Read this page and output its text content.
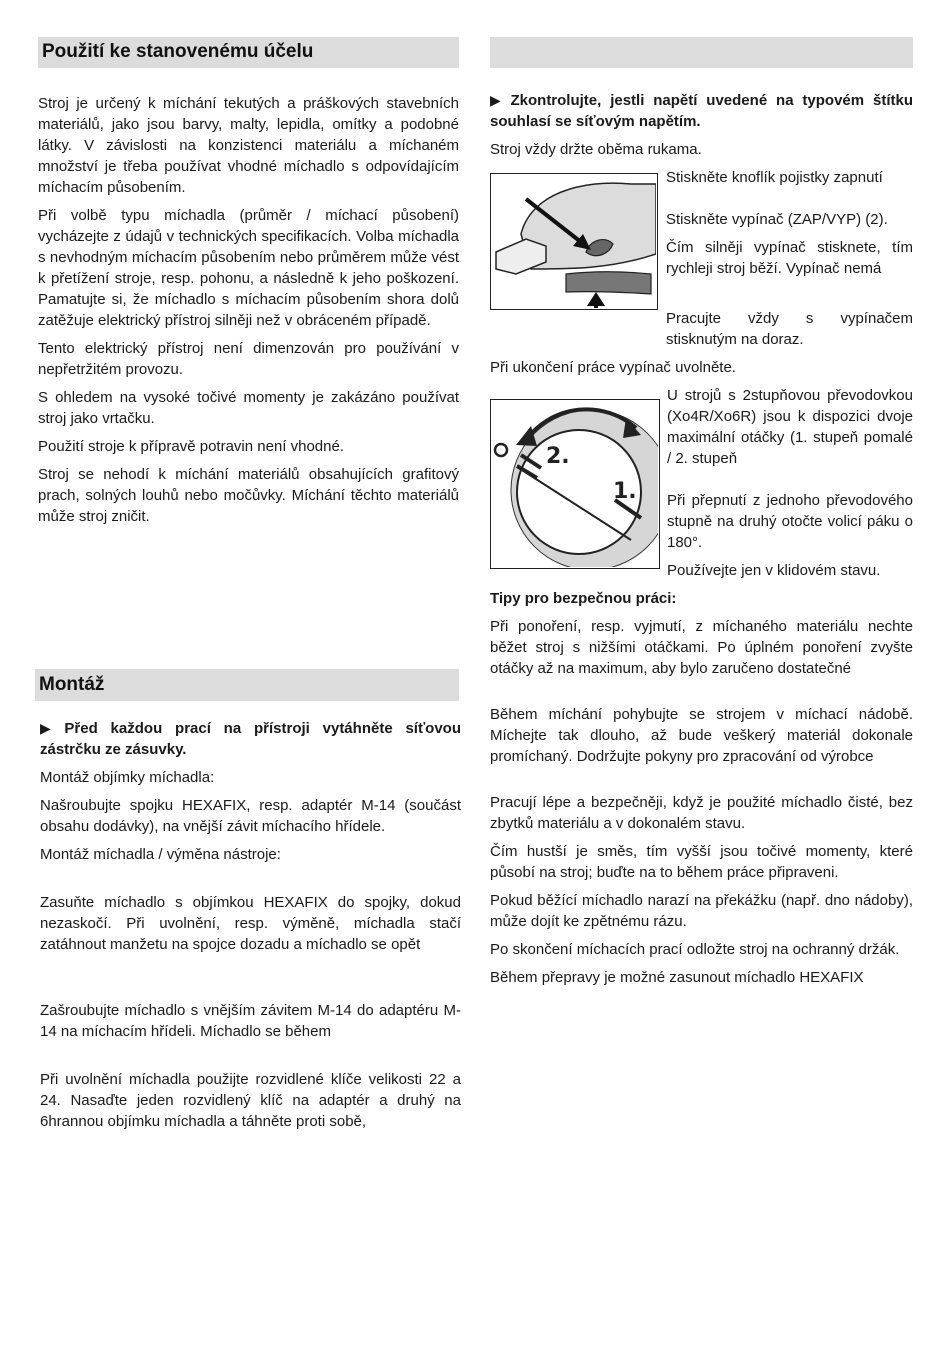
Použití ke stanovenému účelu

Stroj je určený k míchání tekutých a práškových stavebních materiálů, jako jsou barvy, malty, lepidla, omítky a podobné látky. V závislosti na konzistenci materiálu a míchaném množství je třeba používat vhodné míchadlo s odpovídajícím míchacím působením.

Při volbě typu míchadla (průměr / míchací působení) vycházejte z údajů v technických specifikacích. Volba míchadla s nevhodným míchacím působením nebo průměrem může vést k přetížení stroje, resp. pohonu, a následně k jeho poškození. Pamatujte si, že míchadlo s míchacím působením shora dolů zatěžuje elektrický přístroj silněji než v obráceném případě.

Tento elektrický přístroj není dimenzován pro používání v nepřetržitém provozu.

S ohledem na vysoké točivé momenty je zakázáno používat stroj jako vrtačku.

Použití stroje k přípravě potravin není vhodné.

Stroj se nehodí k míchání materiálů obsahujících grafitový prach, solných louhů nebo močůvky. Míchání těchto materiálů může stroj zničit.

Montáž

▶ Před každou prací na přístroji vytáhněte síťovou zástrčku ze zásuvky.

Montáž objímky míchadla:

Našroubujte spojku HEXAFIX, resp. adaptér M-14 (součást obsahu dodávky), na vnější závit míchacího hřídele.

Montáž míchadla / výměna nástroje:

Zasuňte míchadlo s objímkou HEXAFIX do spojky, dokud nezaskočí. Při uvolnění, resp. výměně, míchadla stačí zatáhnout manžetu na spojce dozadu a míchadlo se opět

Zašroubujte míchadlo s vnějším závitem M-14 do adaptéru M-14 na míchacím hřídeli. Míchadlo se během

Při uvolnění míchadla použijte rozvidlené klíče velikosti 22 a 24. Nasaďte jeden rozvidlený klíč na adaptér a druhý na 6hrannou objímku míchadla a táhněte proti sobě,

▶ Zkontrolujte, jestli napětí uvedené na typovém štítku souhlasí se síťovým napětím.

Stroj vždy držte oběma rukama.

Stiskněte knoflík pojistky zapnutí

Stiskněte vypínač (ZAP/VYP) (2).

Čím silněji vypínač stisknete, tím rychleji stroj běží. Vypínač nemá

Pracujte vždy s vypínačem stisknutým na doraz.

Při ukončení práce vypínač uvolněte.

2.
1.

U strojů s 2stupňovou převodovkou (Xo4R/Xo6R) jsou k dispozici dvoje maximální otáčky (1. stupeň pomalé / 2. stupeň

Při přepnutí z jednoho převodového stupně na druhý otočte volicí páku o 180°.

Používejte jen v klidovém stavu.

Tipy pro bezpečnou práci:

Při ponoření, resp. vyjmutí, z míchaného materiálu nechte běžet stroj s nižšími otáčkami. Po úplném ponoření zvyšte otáčky až na maximum, aby bylo zaručeno dostatečné

Během míchání pohybujte se strojem v míchací nádobě. Míchejte tak dlouho, až bude veškerý materiál dokonale promíchaný. Dodržujte pokyny pro zpracování od výrobce

Pracují lépe a bezpečněji, když je použité míchadlo čisté, bez zbytků materiálu a v dokonalém stavu.

Čím hustší je směs, tím vyšší jsou točivé momenty, které působí na stroj; buďte na to během práce připraveni.

Pokud běžící míchadlo narazí na překážku (např. dno nádoby), může dojít ke zpětnému rázu.

Po skončení míchacích prací odložte stroj na ochranný držák.

Během přepravy je možné zasunout míchadlo HEXAFIX
